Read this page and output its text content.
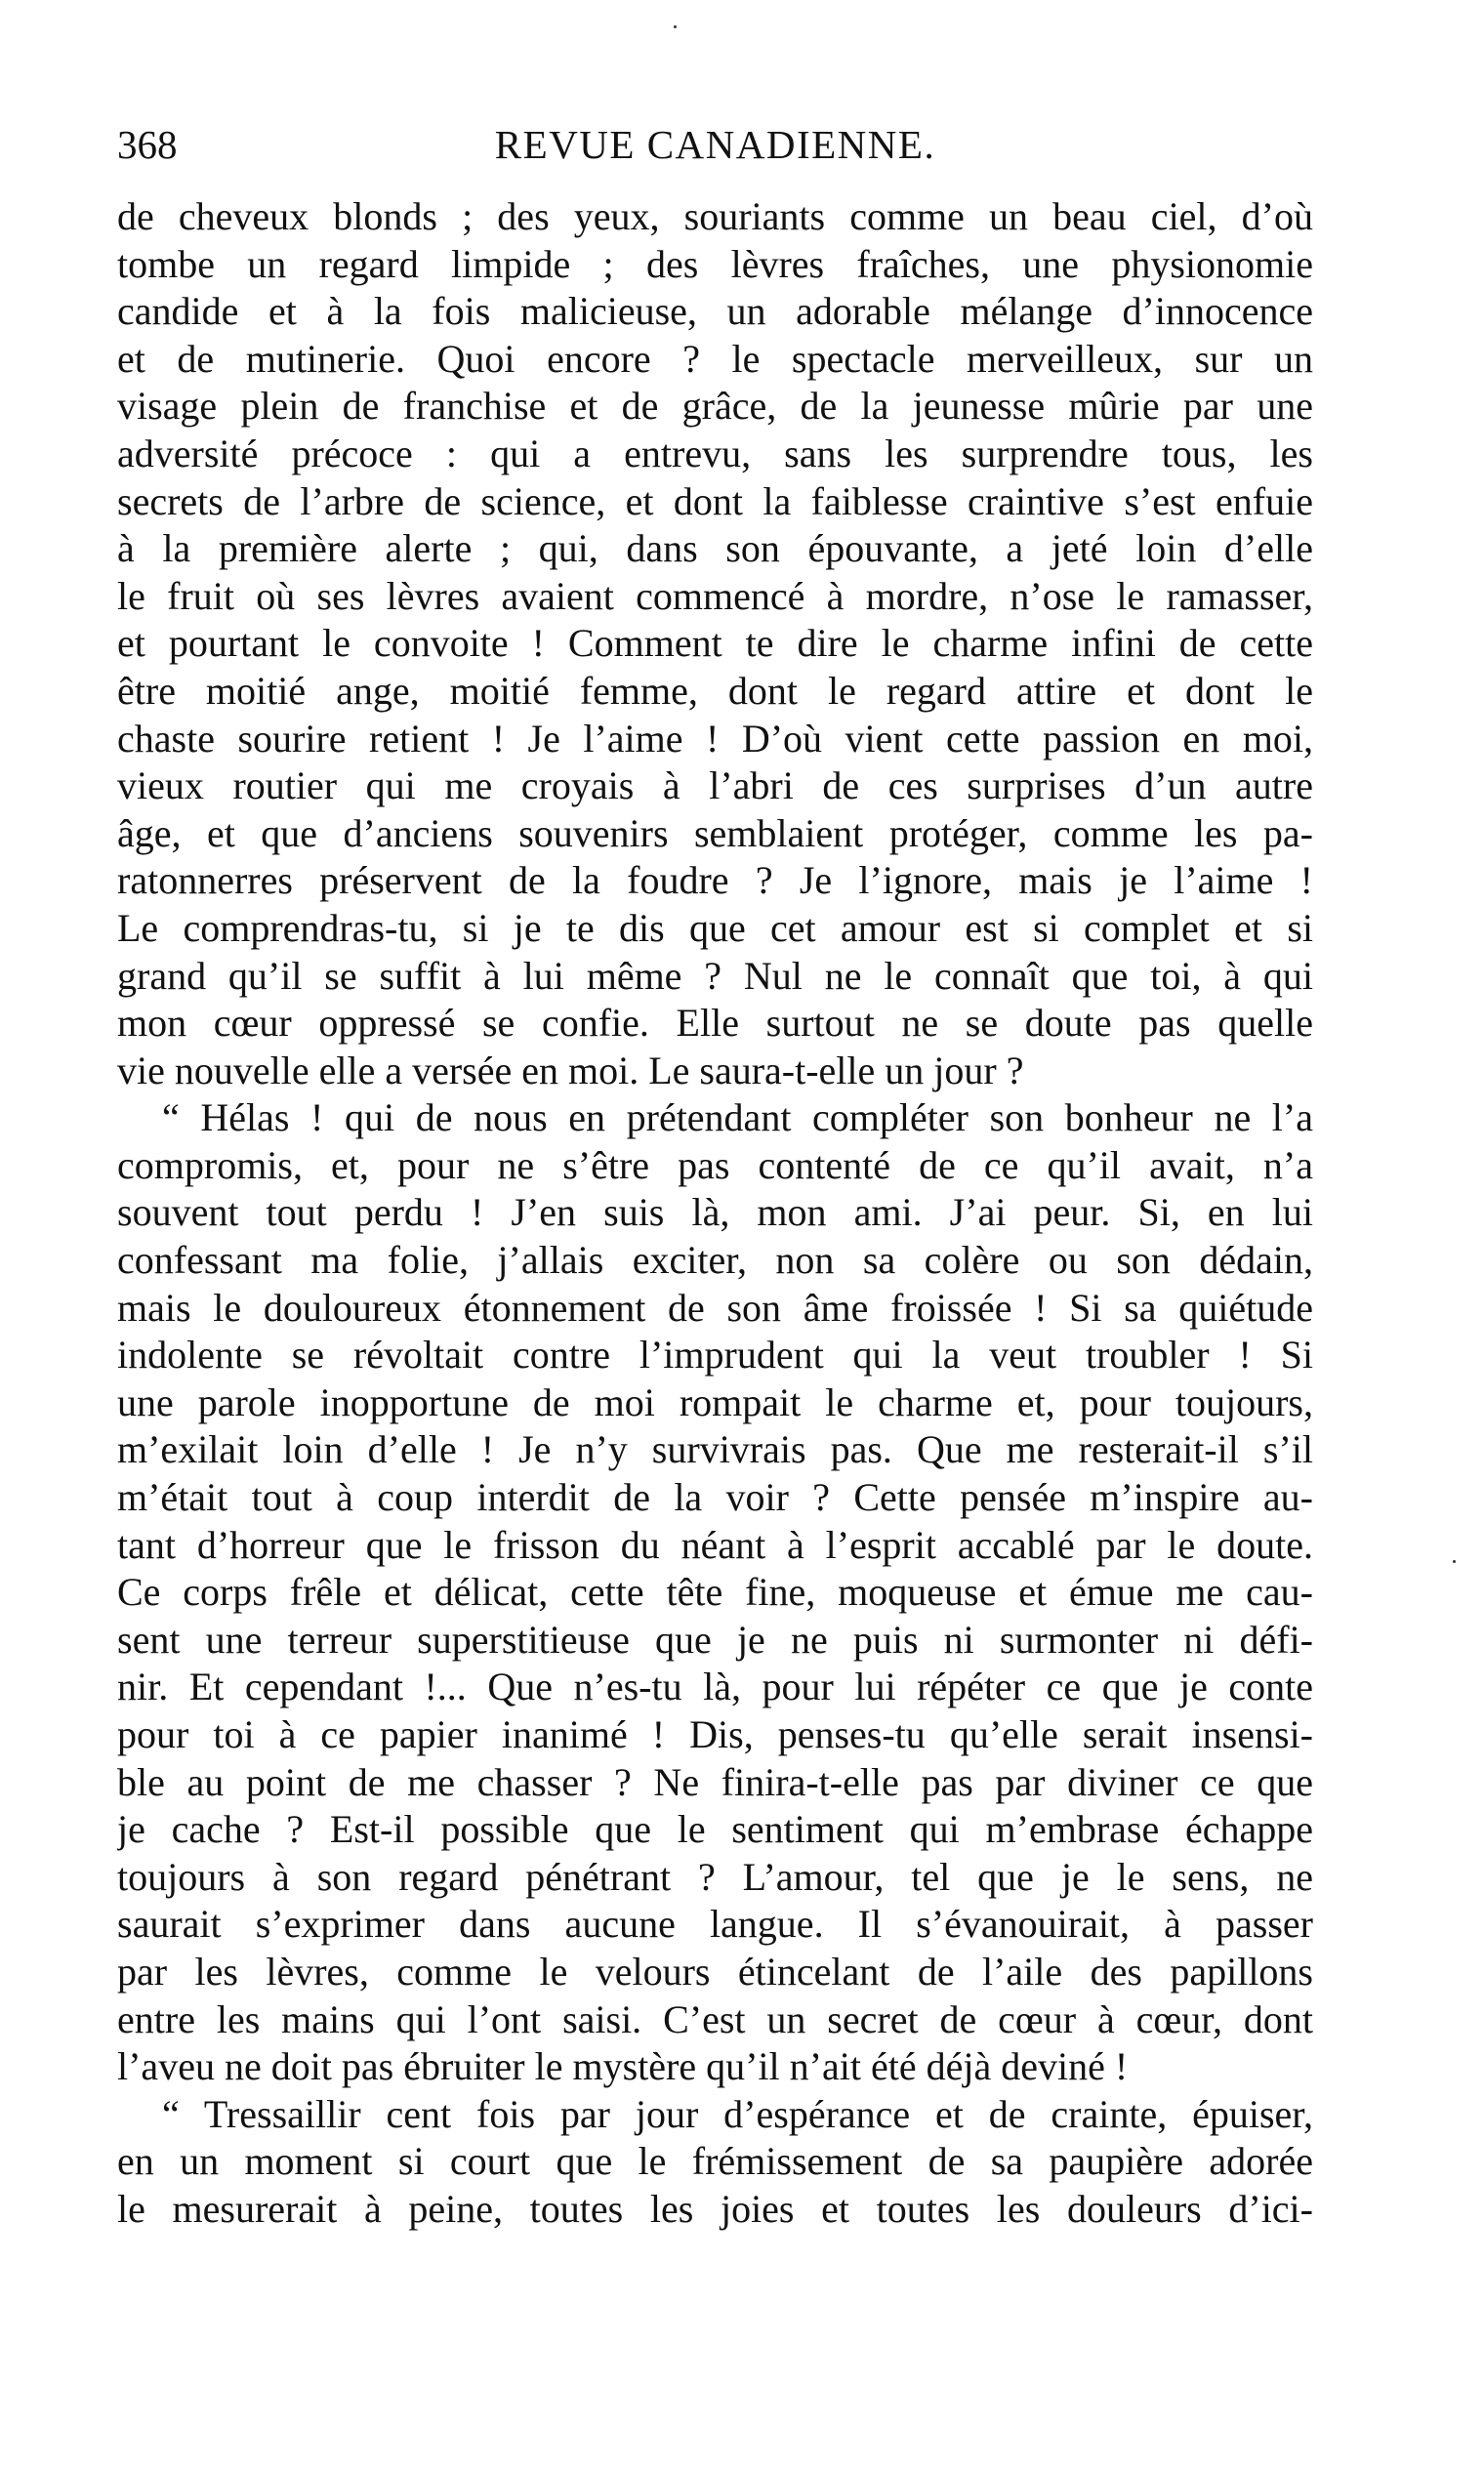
368	REVUE CANADIENNE.
de cheveux blonds ; des yeux, souriants comme un beau ciel, d’où
tombe un regard limpide ; des lèvres fraîches, une physionomie
candide et à la fois malicieuse, un adorable mélange d’innocence
et de mutinerie. Quoi encore ? le spectacle merveilleux, sur un
visage plein de franchise et de grâce, de la jeunesse mûrie par une
adversité précoce : qui a entrevu, sans les surprendre tous, les
secrets de l’arbre de science, et dont la faiblesse craintive s’est enfuie
à la première alerte ; qui, dans son épouvante, a jeté loin d’elle
le fruit où ses lèvres avaient commencé à mordre, n’ose le ramasser,
et pourtant le convoite ! Comment te dire le charme infini de cette
être moitié ange, moitié femme, dont le regard attire et dont le
chaste sourire retient ! Je l’aime ! D’où vient cette passion en moi,
vieux routier qui me croyais à l’abri de ces surprises d’un autre
âge, et que d’anciens souvenirs semblaient protéger, comme les pa-
ratonnerres préservent de la foudre ? Je l’ignore, mais je l’aime !
Le comprendras-tu, si je te dis que cet amour est si complet et si
grand qu’il se suffit à lui même ? Nul ne le connaît que toi, à qui
mon cœur oppressé se confie. Elle surtout ne se doute pas quelle
vie nouvelle elle a versée en moi. Le saura-t-elle un jour ?
“ Hélas ! qui de nous en prétendant compléter son bonheur ne l’a
compromis, et, pour ne s’être pas contenté de ce qu’il avait, n’a
souvent tout perdu ! J’en suis là, mon ami. J’ai peur. Si, en lui
confessant ma folie, j’allais exciter, non sa colère ou son dédain,
mais le douloureux étonnement de son âme froissée ! Si sa quiétude
indolente se révoltait contre l’imprudent qui la veut troubler ! Si
une parole inopportune de moi rompait le charme et, pour toujours,
m’exilait loin d’elle ! Je n’y survivrais pas. Que me resterait-il s’il
m’était tout à coup interdit de la voir ? Cette pensée m’inspire au-
tant d’horreur que le frisson du néant à l’esprit accablé par le doute.
Ce corps frêle et délicat, cette tête fine, moqueuse et émue me cau-
sent une terreur superstitieuse que je ne puis ni surmonter ni défi-
nir. Et cependant !... Que n’es-tu là, pour lui répéter ce que je conte
pour toi à ce papier inanimé ! Dis, penses-tu qu’elle serait insensi-
ble au point de me chasser ? Ne finira-t-elle pas par diviner ce que
je cache ? Est-il possible que le sentiment qui m’embrase échappe
toujours à son regard pénétrant ? L’amour, tel que je le sens, ne
saurait s’exprimer dans aucune langue. Il s’évanouirait, à passer
par les lèvres, comme le velours étincelant de l’aile des papillons
entre les mains qui l’ont saisi. C’est un secret de cœur à cœur, dont
l’aveu ne doit pas ébruiter le mystère qu’il n’ait été déjà deviné !
“ Tressaillir cent fois par jour d’espérance et de crainte, épuiser,
en un moment si court que le frémissement de sa paupière adorée
le mesurerait à peine, toutes les joies et toutes les douleurs d’ici-
